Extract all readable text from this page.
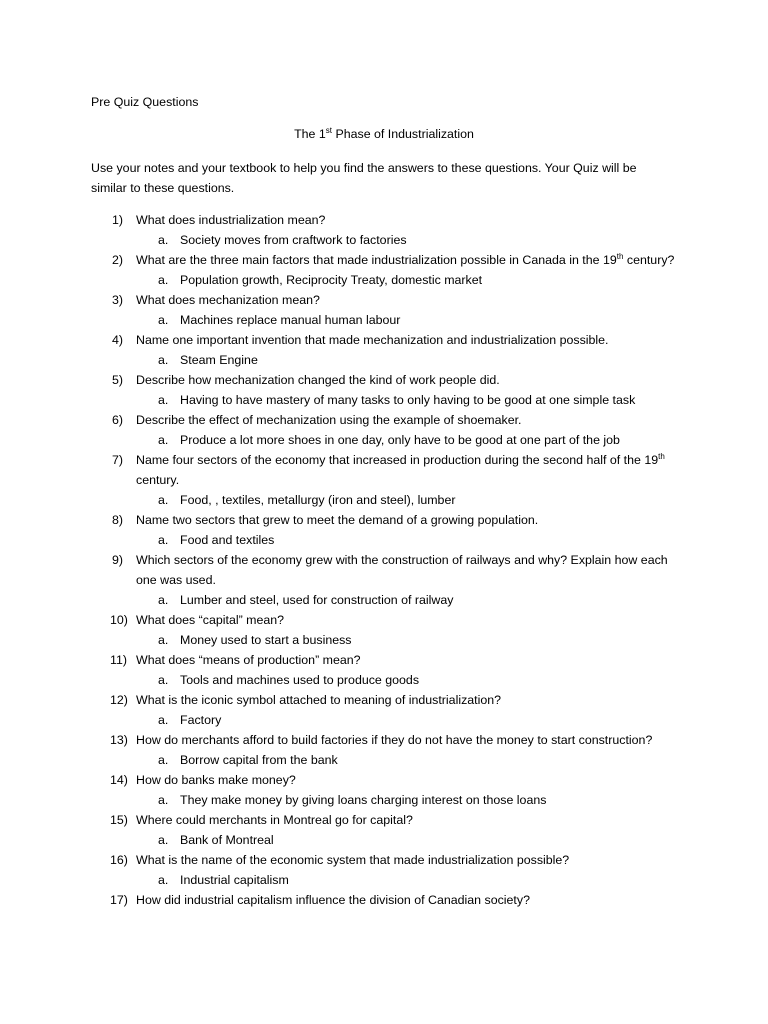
Pre Quiz Questions
The 1st Phase of Industrialization
Use your notes and your textbook to help you find the answers to these questions. Your Quiz will be similar to these questions.
1) What does industrialization mean?
a. Society moves from craftwork to factories
2) What are the three main factors that made industrialization possible in Canada in the 19th century?
a. Population growth, Reciprocity Treaty, domestic market
3) What does mechanization mean?
a. Machines replace manual human labour
4) Name one important invention that made mechanization and industrialization possible.
a. Steam Engine
5) Describe how mechanization changed the kind of work people did.
a. Having to have mastery of many tasks to only having to be good at one simple task
6) Describe the effect of mechanization using the example of shoemaker.
a. Produce a lot more shoes in one day, only have to be good at one part of the job
7) Name four sectors of the economy that increased in production during the second half of the 19th century.
a. Food, , textiles, metallurgy (iron and steel), lumber
8) Name two sectors that grew to meet the demand of a growing population.
a. Food and textiles
9) Which sectors of the economy grew with the construction of railways and why? Explain how each one was used.
a. Lumber and steel, used for construction of railway
10) What does “capital” mean?
a. Money used to start a business
11) What does “means of production” mean?
a. Tools and machines used to produce goods
12) What is the iconic symbol attached to meaning of industrialization?
a. Factory
13) How do merchants afford to build factories if they do not have the money to start construction?
a. Borrow capital from the bank
14) How do banks make money?
a. They make money by giving loans charging interest on those loans
15) Where could merchants in Montreal go for capital?
a. Bank of Montreal
16) What is the name of the economic system that made industrialization possible?
a. Industrial capitalism
17) How did industrial capitalism influence the division of Canadian society?
